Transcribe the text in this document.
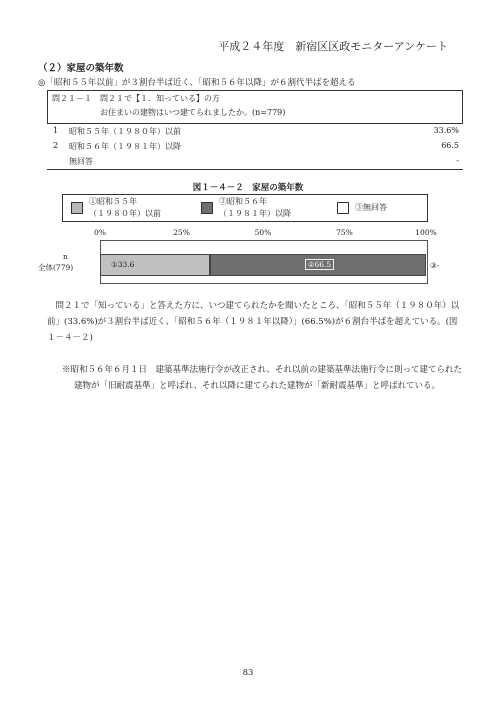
平成２４年度　新宿区区政モニターアンケート
（２）家屋の築年数
◎「昭和５５年以前」が３割台半ば近く、「昭和５６年以降」が６割代半ばを超える
問２１－１　問２１で【１．知っている】の方
お住まいの建物はいつ建てられましたか。(n=779)
1 昭和５５年（１９８０年）以前	33.6%
2 昭和５６年（１９８１年）以降	66.5
無回答	-
図１－４－２　家屋の築年数
①昭和５５年
（１９８０年）以前
②昭和５６年
（１９８１年）以降
③無回答
0%	25%	50%	75%	100%
n
全体(779)	①33.6	②66.5	③-

問２１で「知っている」と答えた方に、いつ建てられたかを聞いたところ、「昭和５５年（１９８０年）以前」(33.6%)が３割台半ば近く、「昭和５６年（１９８１年以降）」(66.5%)が６割台半ばを超えている。(図１－４－２)

※昭和５６年６月１日　建築基準法施行令が改正され、それ以前の建築基準法施行令に則って建てられた建物が「旧耐震基準」と呼ばれ、それ以降に建てられた建物が「新耐震基準」と呼ばれている。

83
